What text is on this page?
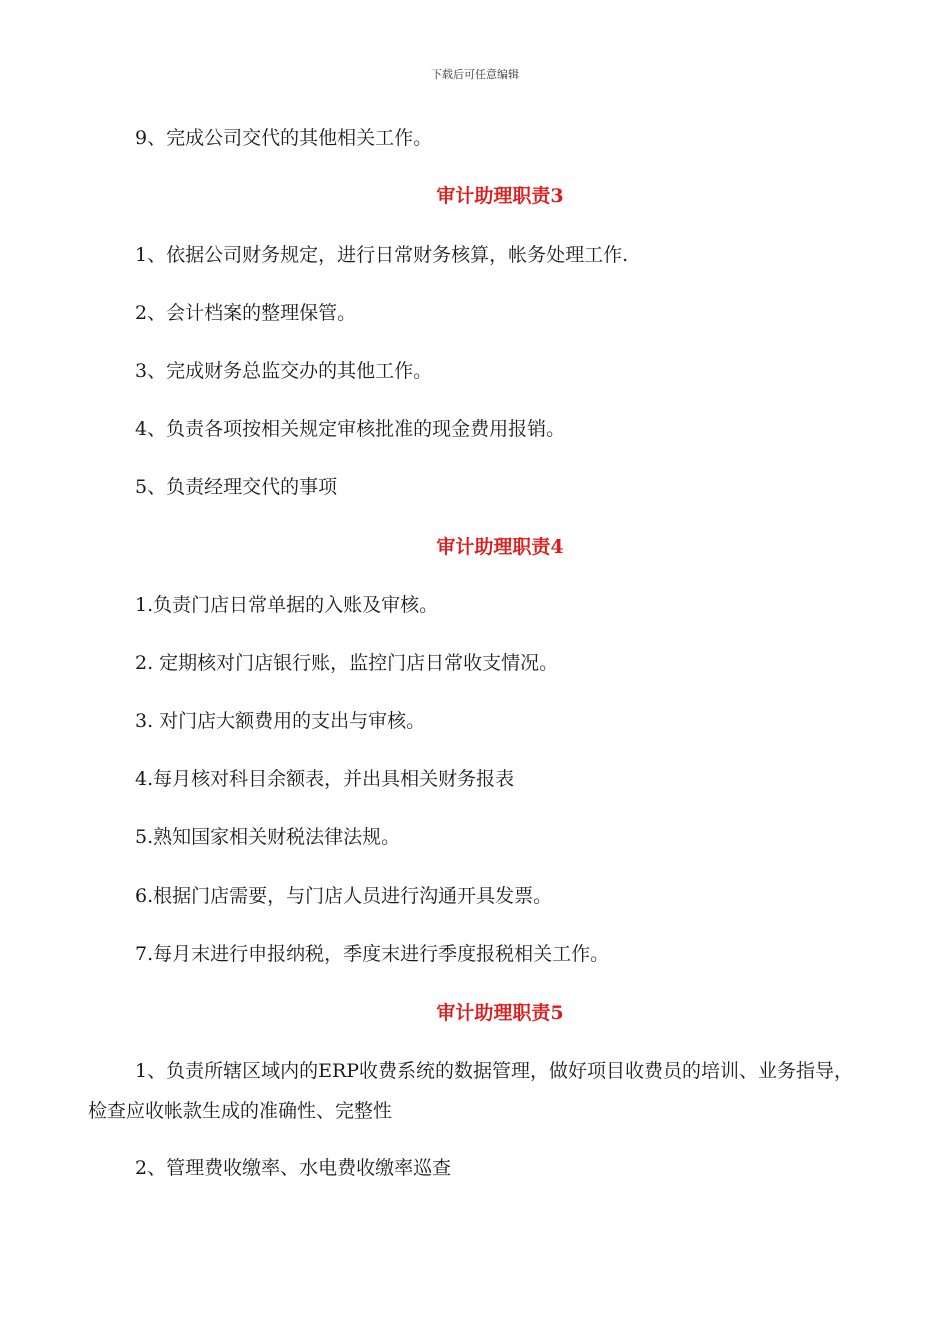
下载后可任意编辑
9、完成公司交代的其他相关工作。
审计助理职责3
1、依据公司财务规定，进行日常财务核算，帐务处理工作.
2、会计档案的整理保管。
3、完成财务总监交办的其他工作。
4、负责各项按相关规定审核批准的现金费用报销。
5、负责经理交代的事项
审计助理职责4
1.负责门店日常单据的入账及审核。
2. 定期核对门店银行账，监控门店日常收支情况。
3. 对门店大额费用的支出与审核。
4.每月核对科目余额表，并出具相关财务报表
5.熟知国家相关财税法律法规。
6.根据门店需要，与门店人员进行沟通开具发票。
7.每月末进行申报纳税，季度末进行季度报税相关工作。
审计助理职责5
1、负责所辖区域内的ERP收费系统的数据管理，做好项目收费员的培训、业务指导，检查应收帐款生成的准确性、完整性
2、管理费收缴率、水电费收缴率巡查
